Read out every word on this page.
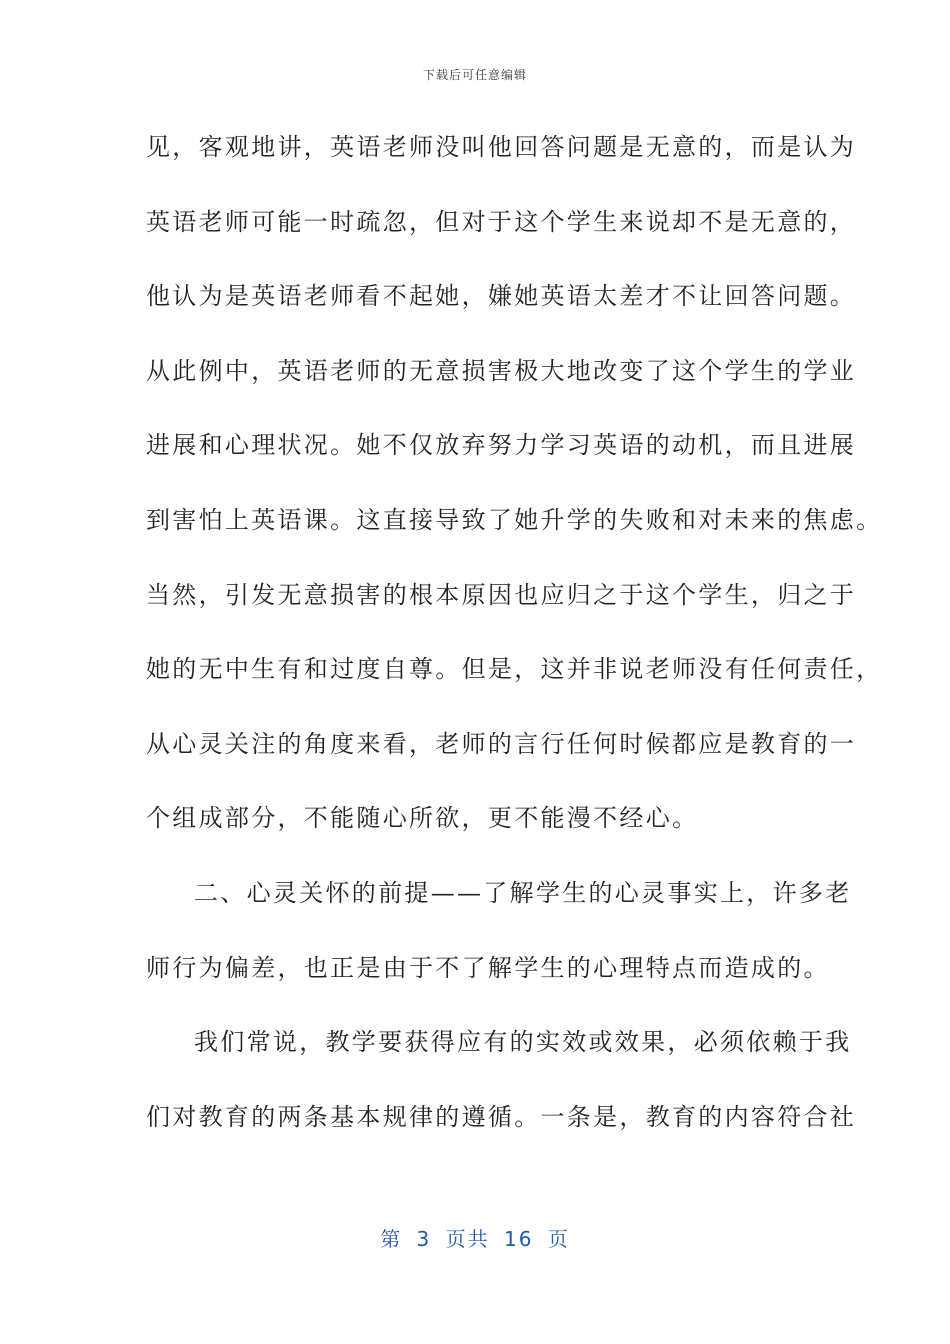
下载后可任意编辑
见，客观地讲，英语老师没叫他回答问题是无意的，而是认为
英语老师可能一时疏忽，但对于这个学生来说却不是无意的，
他认为是英语老师看不起她，嫌她英语太差才不让回答问题。
从此例中，英语老师的无意损害极大地改变了这个学生的学业
进展和心理状况。她不仅放弃努力学习英语的动机，而且进展
到害怕上英语课。这直接导致了她升学的失败和对未来的焦虑。
当然，引发无意损害的根本原因也应归之于这个学生，归之于
她的无中生有和过度自尊。但是，这并非说老师没有任何责任，
从心灵关注的角度来看，老师的言行任何时候都应是教育的一
个组成部分，不能随心所欲，更不能漫不经心。
二、心灵关怀的前提——了解学生的心灵事实上，许多老
师行为偏差，也正是由于不了解学生的心理特点而造成的。
我们常说，教学要获得应有的实效或效果，必须依赖于我
们对教育的两条基本规律的遵循。一条是，教育的内容符合社
第 3 页共 16 页
